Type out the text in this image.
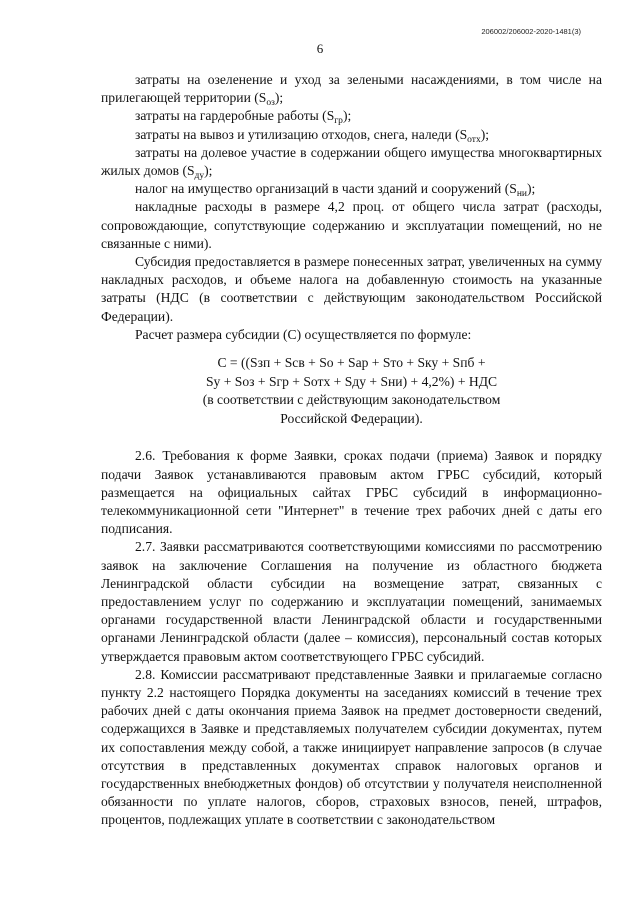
206002/206002-2020-1481(3)
6

затраты на озеленение и уход за зелеными насаждениями, в том числе на прилегающей территории $(S_{оз})$;

затраты на гардеробные работы $(S_{гр})$;

затраты на вывоз и утилизацию отходов, снега, наледи $(S_{отх})$;

затраты на долевое участие в содержании общего имущества многоквартирных жилых домов $(S_{ду})$;

налог на имущество организаций в части зданий и сооружений $(S_{ни})$;

накладные расходы в размере 4,2 проц. от общего числа затрат (расходы, сопровождающие, сопутствующие содержанию и эксплуатации помещений, но не связанные с ними).

Субсидия предоставляется в размере понесенных затрат, увеличенных на сумму накладных расходов, и объеме налога на добавленную стоимость на указанные затраты (НДС (в соответствии с действующим законодательством Российской Федерации).

Расчет размера субсидии (С) осуществляется по формуле:

С = ((Sзп + Sсв + Sо + Sар + Sто + Sку + Sпб +
Sу + Sоз + Sгр + Sотх + Sду + Sни) + 4,2%) + НДС
(в соответствии с действующим законодательством
Российской Федерации).

2.6. Требования к форме Заявки, сроках подачи (приема) Заявок и порядку подачи Заявок устанавливаются правовым актом ГРБС субсидий, который размещается на официальных сайтах ГРБС субсидий в информационно-телекоммуникационной сети "Интернет" в течение трех рабочих дней с даты его подписания.

2.7. Заявки рассматриваются соответствующими комиссиями по рассмотрению заявок на заключение Соглашения на получение из областного бюджета Ленинградской области субсидии на возмещение затрат, связанных с предоставлением услуг по содержанию и эксплуатации помещений, занимаемых органами государственной власти Ленинградской области и государственными органами Ленинградской области (далее – комиссия), персональный состав которых утверждается правовым актом соответствующего ГРБС субсидий.

2.8. Комиссии рассматривают представленные Заявки и прилагаемые согласно пункту 2.2 настоящего Порядка документы на заседаниях комиссий в течение трех рабочих дней с даты окончания приема Заявок на предмет достоверности сведений, содержащихся в Заявке и представляемых получателем субсидии документах, путем их сопоставления между собой, а также инициирует направление запросов (в случае отсутствия в представленных документах справок налоговых органов и государственных внебюджетных фондов) об отсутствии у получателя неисполненной обязанности по уплате налогов, сборов, страховых взносов, пеней, штрафов, процентов, подлежащих уплате в соответствии с законодательством
